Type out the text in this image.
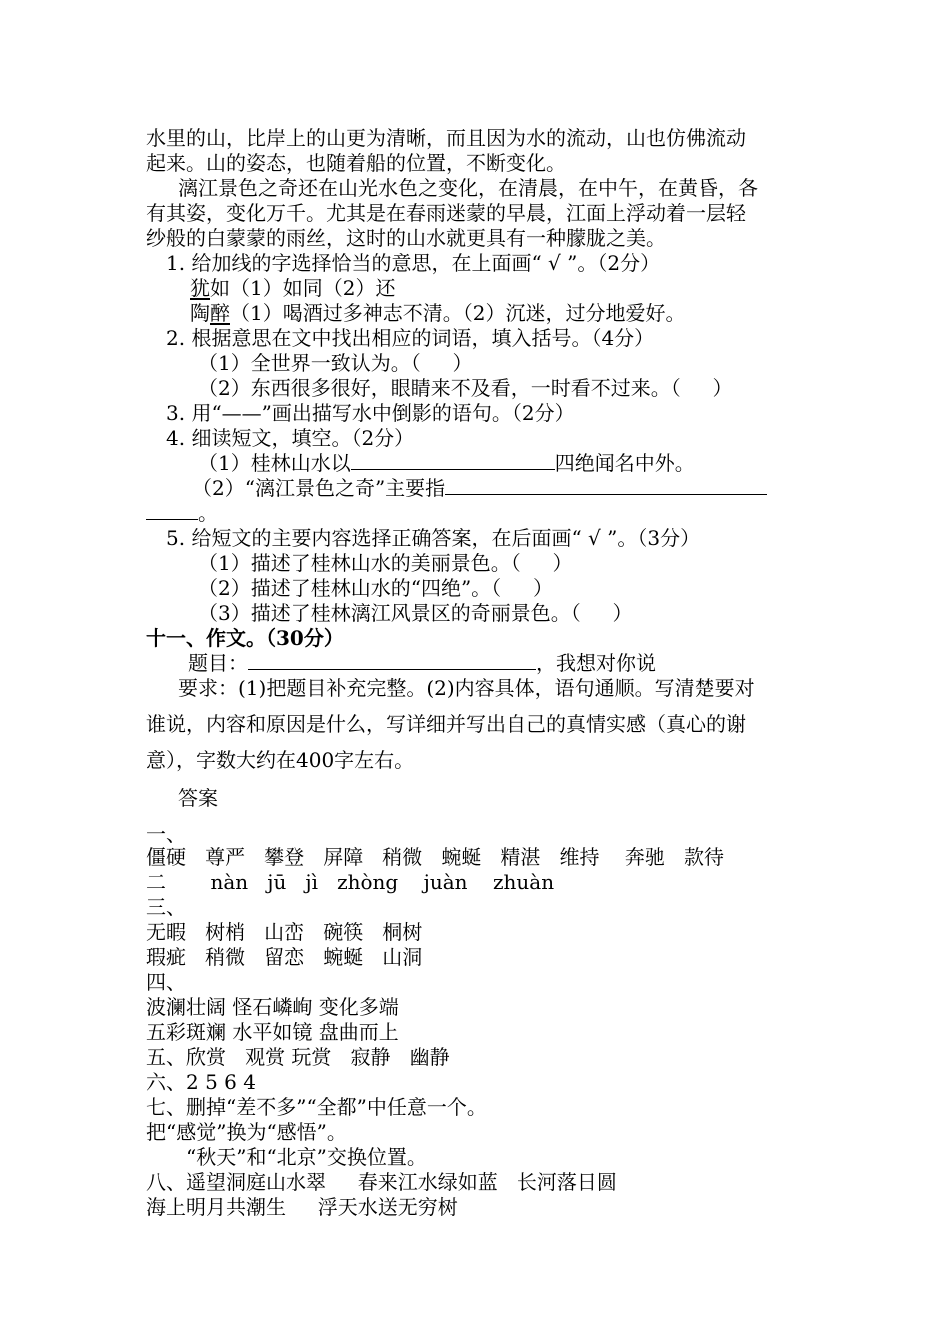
水里的山，比岸上的山更为清晰，而且因为水的流动，山也仿佛流动
起来。山的姿态，也随着船的位置，不断变化。
漓江景色之奇还在山光水色之变化，在清晨，在中午，在黄昏，各
有其姿，变化万千。尤其是在春雨迷蒙的早晨，江面上浮动着一层轻
纱般的白蒙蒙的雨丝，这时的山水就更具有一种朦胧之美。
1. 给加线的字选择恰当的意思，在上面画“ √ ”。（2分）
犹如（1）如同（2）还
陶醉（1）喝酒过多神志不清。（2）沉迷，过分地爱好。
2. 根据意思在文中找出相应的词语，填入括号。（4分）
（1）全世界一致认为。（     ）
（2）东西很多很好，眼睛来不及看，一时看不过来。（     ）
3. 用“——”画出描写水中倒影的语句。（2分）
4. 细读短文，填空。（2分）
（1）桂林山水以	四绝闻名中外。
（2）“漓江景色之奇”主要指
。
5. 给短文的主要内容选择正确答案，在后面画“ √ ”。（3分）
（1）描述了桂林山水的美丽景色。（     ）
（2）描述了桂林山水的“四绝”。（     ）
（3）描述了桂林漓江风景区的奇丽景色。（     ）
十一、作文。（30分）
题目：	，我想对你说
要求：(1)把题目补充完整。(2)内容具体，语句通顺。写清楚要对
谁说，内容和原因是什么，写详细并写出自己的真情实感（真心的谢
意），字数大约在400字左右。
答案
一、
僵硬   尊严   攀登   屏障   稍微   蜿蜒   精湛   维持    奔驰   款待
二       nàn   jū   jì   zhòng    juàn    zhuàn
三、
无暇   树梢   山峦   碗筷   桐树
瑕疵   稍微   留恋   蜿蜒   山洞
四、
波澜壮阔 怪石嶙峋 变化多端
五彩斑斓 水平如镜 盘曲而上
五、欣赏   观赏 玩赏   寂静   幽静
六、2 5 6 4
七、删掉“差不多”“全都”中任意一个。
把“感觉”换为“感悟”。
“秋天”和“北京”交换位置。
八、遥望洞庭山水翠     春来江水绿如蓝   长河落日圆
海上明月共潮生     浮天水送无穷树
